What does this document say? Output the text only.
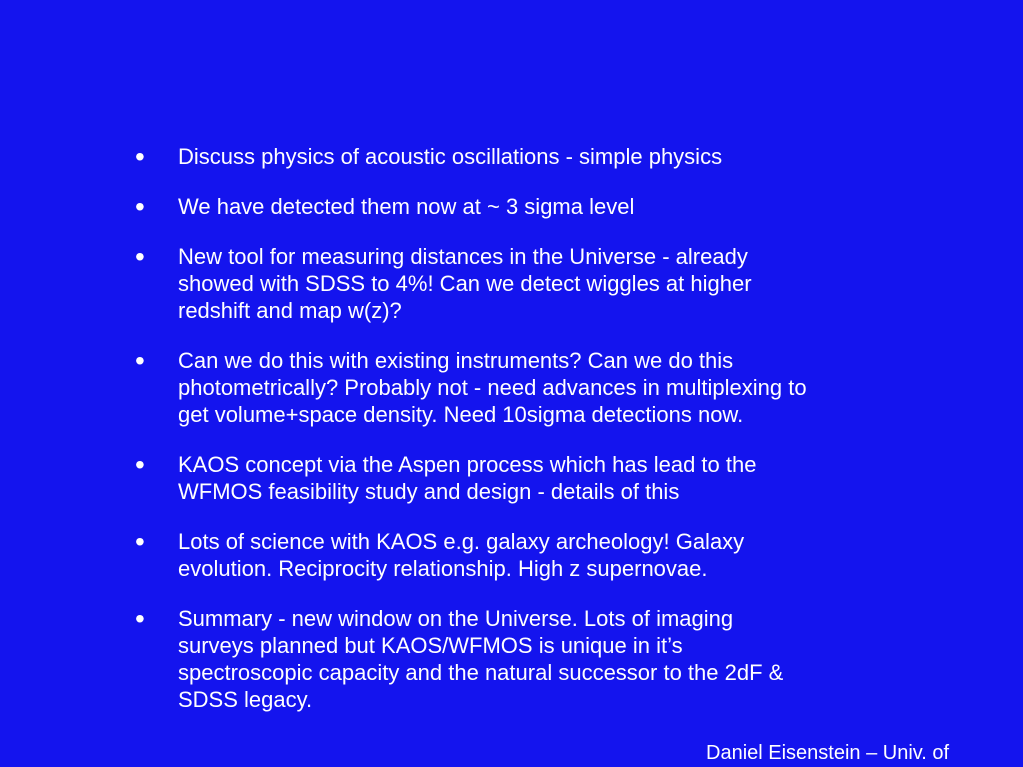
•	Discuss physics of acoustic oscillations - simple physics
•	We have detected them now at ~ 3 sigma level
•	New tool for measuring distances in the Universe - already
showed with SDSS to 4%! Can we detect wiggles at higher
redshift and map w(z)?
•	Can we do this with existing instruments? Can we do this
photometrically? Probably not - need advances in multiplexing to
get volume+space density. Need 10sigma detections now.
•	KAOS concept via the Aspen process which has lead to the
WFMOS feasibility study and design - details of this
•	Lots of science with KAOS e.g. galaxy archeology! Galaxy
evolution. Reciprocity relationship. High z supernovae.
•	Summary - new window on the Universe. Lots of imaging
surveys planned but KAOS/WFMOS is unique in it’s
spectroscopic capacity and the natural successor to the 2dF &
SDSS legacy.
Daniel Eisenstein – Univ. of
